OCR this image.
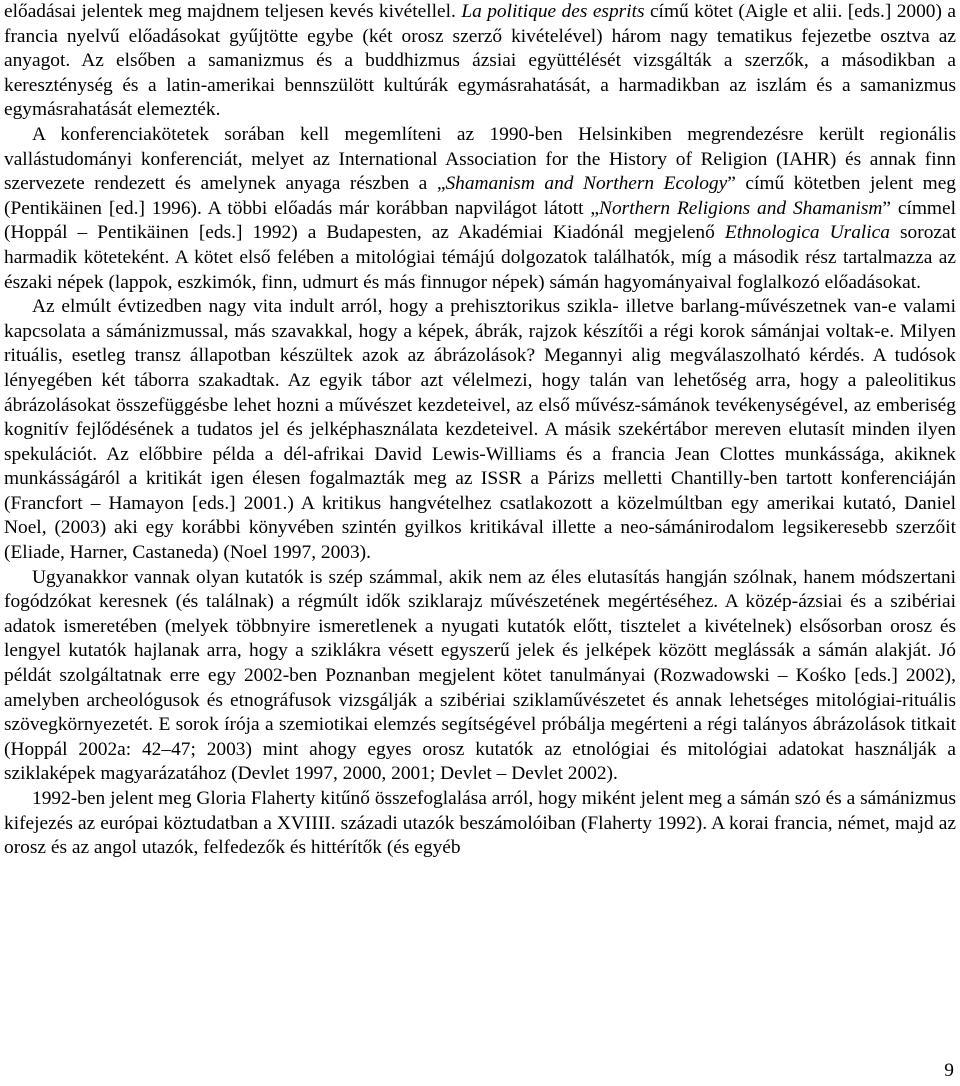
előadásai jelentek meg majdnem teljesen kevés kivétellel. La politique des esprits című kötet (Aigle et alii. [eds.] 2000) a francia nyelvű előadásokat gyűjtötte egybe (két orosz szerző kivételével) három nagy tematikus fejezetbe osztva az anyagot. Az elsőben a samanizmus és a buddhizmus ázsiai együttélését vizsgálták a szerzők, a másodikban a kereszténység és a latin-amerikai bennszülött kultúrák egymásrahatását, a harmadikban az iszlám és a samanizmus egymásrahatását elemezték.

A konferenciakötetek sorában kell megemlíteni az 1990-ben Helsinkiben megrendezésre került regionális vallástudományi konferenciát, melyet az International Association for the History of Religion (IAHR) és annak finn szervezete rendezett és amelynek anyaga részben a „Shamanism and Northern Ecology” című kötetben jelent meg (Pentikäinen [ed.] 1996). A többi előadás már korábban napvilágot látott „Northern Religions and Shamanism” címmel (Hoppál – Pentikäinen [eds.] 1992) a Budapesten, az Akadémiai Kiadónál megjelenő Ethnologica Uralica sorozat harmadik köteteként. A kötet első felében a mitológiai témájú dolgozatok találhatók, míg a második rész tartalmazza az északi népek (lappok, eszkimók, finn, udmurt és más finnugor népek) sámán hagyományaival foglalkozó előadásokat.

Az elmúlt évtizedben nagy vita indult arról, hogy a prehisztorikus szikla- illetve barlang-művészetnek van-e valami kapcsolata a sámánizmussal, más szavakkal, hogy a képek, ábrák, rajzok készítői a régi korok sámánjai voltak-e. Milyen rituális, esetleg transz állapotban készültek azok az ábrázolások? Megannyi alig megválaszolható kérdés. A tudósok lényegében két táborra szakadtak. Az egyik tábor azt vélelmezi, hogy talán van lehetőség arra, hogy a paleolitikus ábrázolásokat összefüggésbe lehet hozni a művészet kezdeteivel, az első művész-sámánok tevékenységével, az emberiség kognitív fejlődésének a tudatos jel és jelképhasználata kezdeteivel. A másik szekértábor mereven elutasít minden ilyen spekulációt. Az előbbire példa a dél-afrikai David Lewis-Williams és a francia Jean Clottes munkássága, akiknek munkásságáról a kritikát igen élesen fogalmazták meg az ISSR a Párizs melletti Chantilly-ben tartott konferenciáján (Francfort – Hamayon [eds.] 2001.) A kritikus hangvételhez csatlakozott a közelmúltban egy amerikai kutató, Daniel Noel, (2003) aki egy korábbi könyvében szintén gyilkos kritikával illette a neo-sámánirodalom legsikeresebb szerzőit (Eliade, Harner, Castaneda) (Noel 1997, 2003).

Ugyanakkor vannak olyan kutatók is szép számmal, akik nem az éles elutasítás hangján szólnak, hanem módszertani fogódzókat keresnek (és találnak) a régmúlt idők sziklarajz művészetének megértéséhez. A közép-ázsiai és a szibériai adatok ismeretében (melyek többnyire ismeretlenek a nyugati kutatók előtt, tisztelet a kivételnek) elsősorban orosz és lengyel kutatók hajlanak arra, hogy a sziklákra vésett egyszerű jelek és jelképek között meglássák a sámán alakját. Jó példát szolgáltatnak erre egy 2002-ben Poznanban megjelent kötet tanulmányai (Rozwadowski – Kośko [eds.] 2002), amelyben archeológusok és etnográfusok vizsgálják a szibériai sziklaművészetet és annak lehetséges mitológiai-rituális szövegkörnyezetét. E sorok írója a szemiotikai elemzés segítségével próbálja megérteni a régi talányos ábrázolások titkait (Hoppál 2002a: 42–47; 2003) mint ahogy egyes orosz kutatók az etnológiai és mitológiai adatokat használják a sziklaképek magyarázatához (Devlet 1997, 2000, 2001; Devlet – Devlet 2002).

1992-ben jelent meg Gloria Flaherty kitűnő összefoglalása arról, hogy miként jelent meg a sámán szó és a sámánizmus kifejezés az európai köztudatban a XVIIII. századi utazók beszámolóiban (Flaherty 1992). A korai francia, német, majd az orosz és az angol utazók, felfedezők és hittérítők (és egyéb

9
